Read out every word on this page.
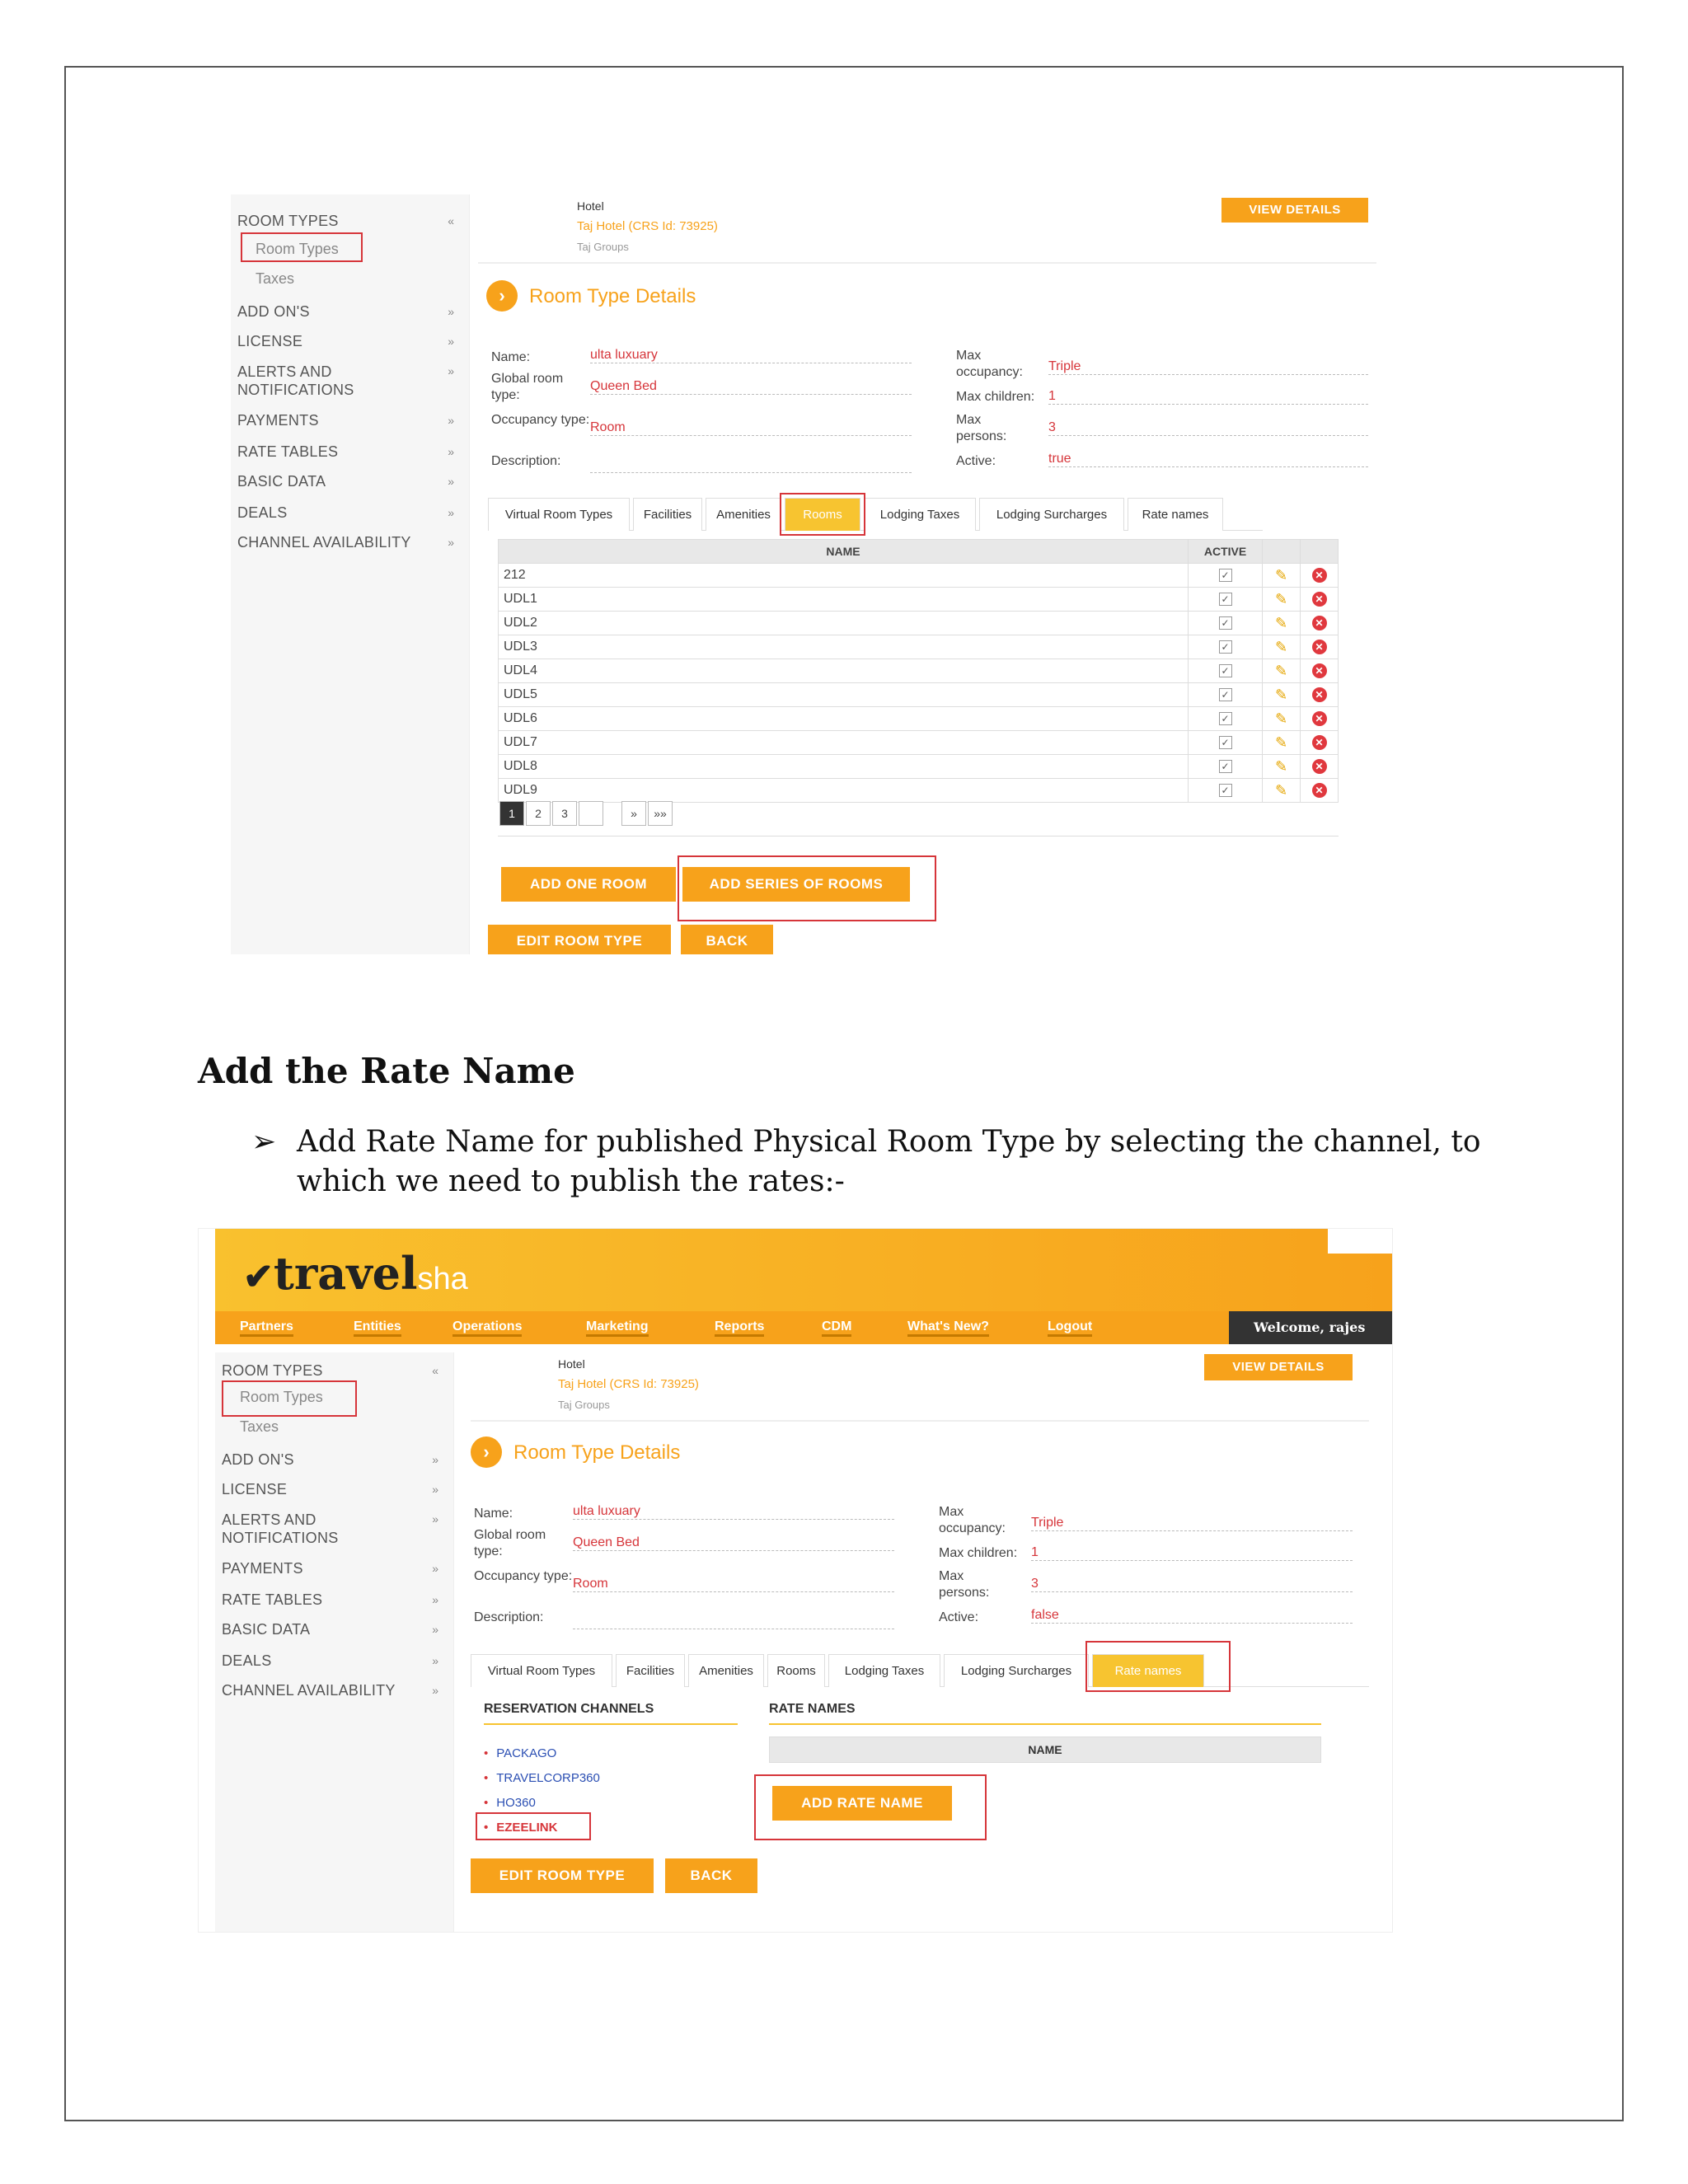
ROOM TYPES	«
Room Types
Taxes
ADD ON'S	»
LICENSE	»
ALERTS AND NOTIFICATIONS
»
PAYMENTS	»
RATE TABLES	»
BASIC DATA	»
DEALS	»
CHANNEL AVAILABILITY	»
Hotel
Taj Hotel (CRS Id: 73925)
Taj Groups
VIEW DETAILS
›	Room Type Details
Name:	ulta luxuary
Global room type:
Queen Bed
Occupancy type:
Room
Description:
Max occupancy:	Triple
Max children: 1
Max persons:
3
Active:	true
Virtual Room Types	Facilities	Amenities	Rooms	Lodging Taxes	Lodging Surcharges	Rate names
NAME	ACTIVE		
212	✓	✎	✕
UDL1	✓	✎	✕
UDL2	✓	✎	✕
UDL3	✓	✎	✕
UDL4	✓	✎	✕
UDL5	✓	✎	✕
UDL6	✓	✎	✕
UDL7	✓	✎	✕
UDL8	✓	✎	✕
UDL9	✓	✎	✕
1	2	3	»	»»
ADD ONE ROOM	ADD SERIES OF ROOMS
EDIT ROOM TYPE	BACK
Add the Rate Name
➢ Add Rate Name for published Physical Room Type by selecting the channel, to which we need to publish the rates:-
✔travelsha
Partners	Entities	Operations	Marketing	Reports	CDM	What's New?	Logout	Welcome, rajes
ROOM TYPES	«
Room Types
Taxes
ADD ON'S	»
LICENSE	»
ALERTS AND NOTIFICATIONS
»
PAYMENTS	»
RATE TABLES	»
BASIC DATA	»
DEALS	»
CHANNEL AVAILABILITY	»
Hotel
Taj Hotel (CRS Id: 73925)
Taj Groups
VIEW DETAILS
›	Room Type Details
Name:	ulta luxuary
Global room type:
Queen Bed
Occupancy type:
Room
Description:
Max occupancy:	Triple
Max children: 1
Max persons:
3
Active:	false
Virtual Room Types	Facilities	Amenities	Rooms	Lodging Taxes	Lodging Surcharges	Rate names
RESERVATION CHANNELS
• PACKAGO
• TRAVELCORP360
• HO360
• EZEELINK
RATE NAMES
NAME
ADD RATE NAME
EDIT ROOM TYPE	BACK
